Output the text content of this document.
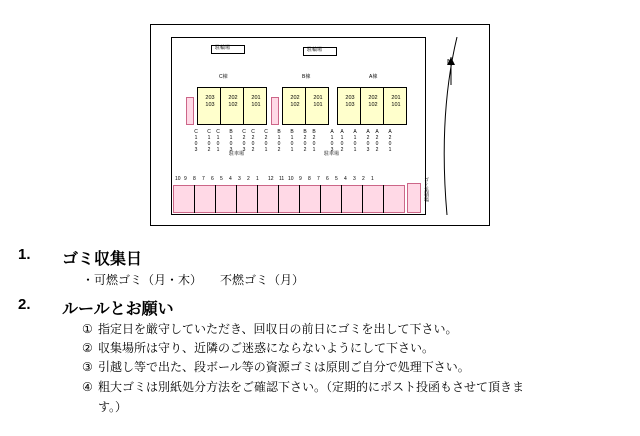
駐輪場	駐輪場
C棟	B棟	A棟
203
103
202
102
201
101
202
102
201
101
203
103
202
102
201
101
C103 C102 C101 B103 C203 C202 C201 B102 B101 B202 B201 A103 A102 A101 A203 A202 A201
駐車場	駐車場
10 9 8 7 6 5 4 3 2 1 12 11 10 9 8 7 6 5 4 3 2 1	ゴミ集積場
N
1.	ゴミ収集日
・可燃ゴミ（月・木）　　不燃ゴミ（月）
2.	ルールとお願い
① 指定日を厳守していただき、回収日の前日にゴミを出して下さい。
② 収集場所は守り、近隣のご迷惑にならないようにして下さい。
③ 引越し等で出た、段ボール等の資源ゴミは原則ご自分で処理下さい。
④ 粗大ゴミは別紙処分方法をご確認下さい。（定期的にポスト投函もさせて頂きま
す。）
